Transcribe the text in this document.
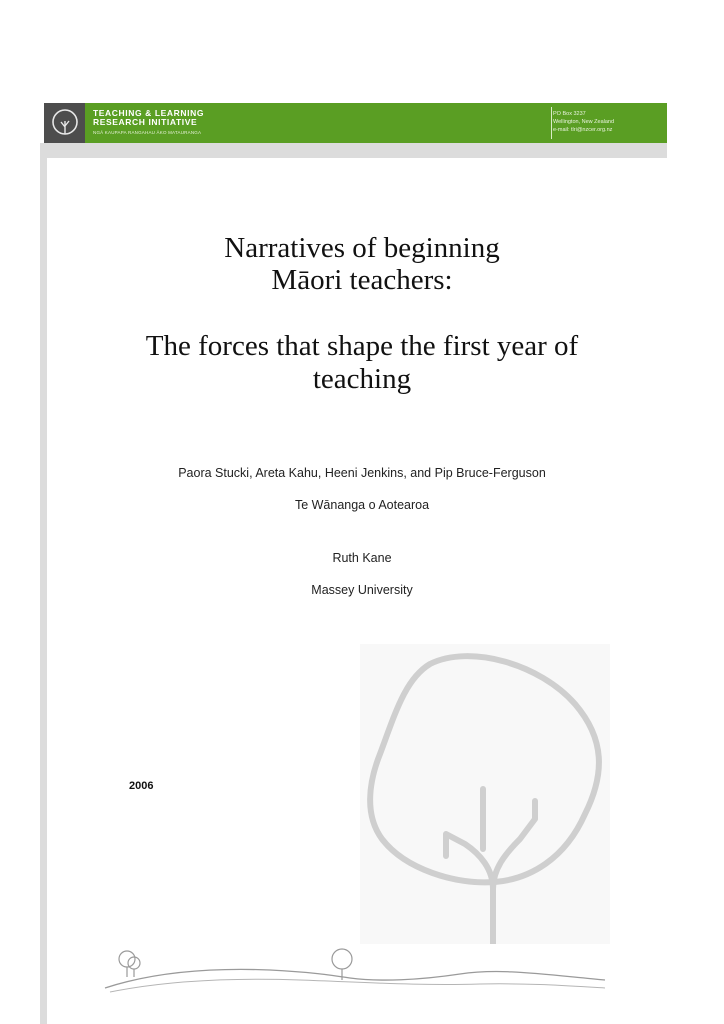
TEACHING & LEARNING
RESEARCH INITIATIVE
NGĀ KAUPAPA RANGAHAU ĀKO MATAURANGA
PO Box 3237
Wellington, New Zealand
e-mail: tlri@nzcer.org.nz
Narratives of beginning
Māori teachers:
The forces that shape the first year of
teaching
Paora Stucki, Areta Kahu, Heeni Jenkins, and Pip Bruce-Ferguson
Te Wānanga o Aotearoa
Ruth Kane
Massey University
2006
